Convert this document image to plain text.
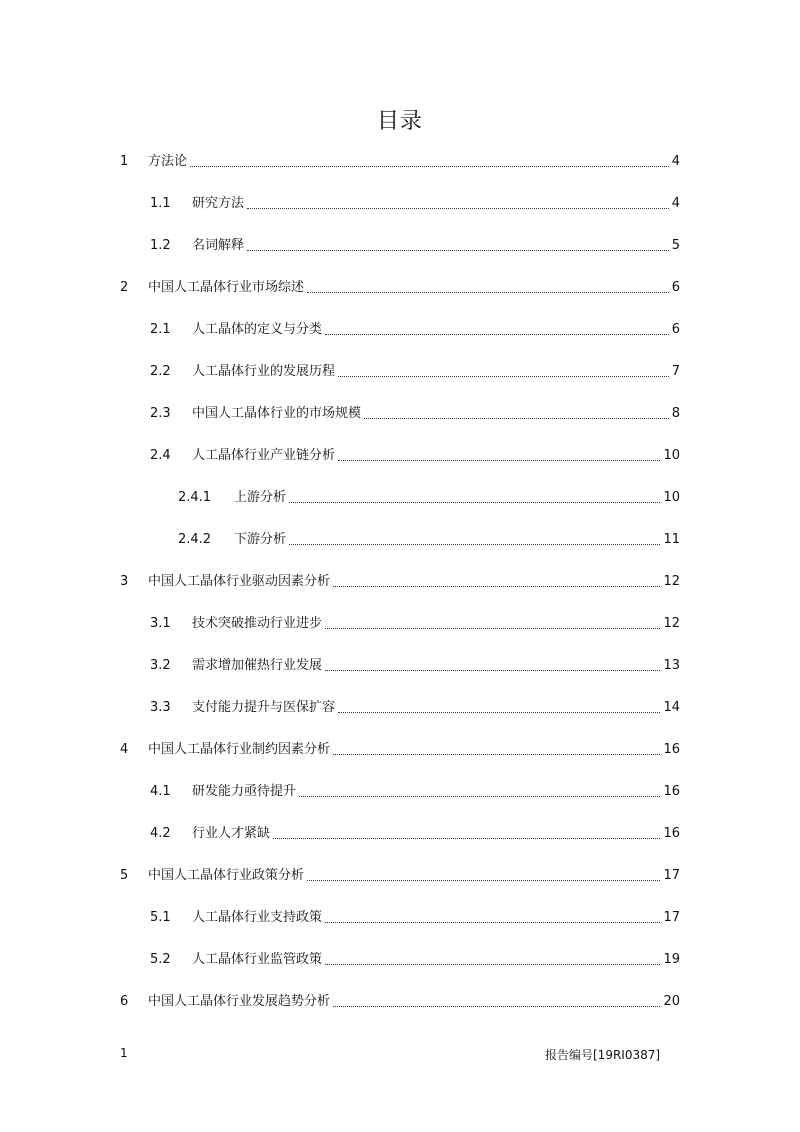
目录
1	方法论	4
1.1	研究方法	4
1.2	名词解释	5
2	中国人工晶体行业市场综述	6
2.1	人工晶体的定义与分类	6
2.2	人工晶体行业的发展历程	7
2.3	中国人工晶体行业的市场规模	8
2.4	人工晶体行业产业链分析	10
2.4.1	上游分析	10
2.4.2	下游分析	11
3	中国人工晶体行业驱动因素分析	12
3.1	技术突破推动行业进步	12
3.2	需求增加催热行业发展	13
3.3	支付能力提升与医保扩容	14
4	中国人工晶体行业制约因素分析	16
4.1	研发能力亟待提升	16
4.2	行业人才紧缺	16
5	中国人工晶体行业政策分析	17
5.1	人工晶体行业支持政策	17
5.2	人工晶体行业监管政策	19
6	中国人工晶体行业发展趋势分析	20
1	报告编号[19RI0387]
